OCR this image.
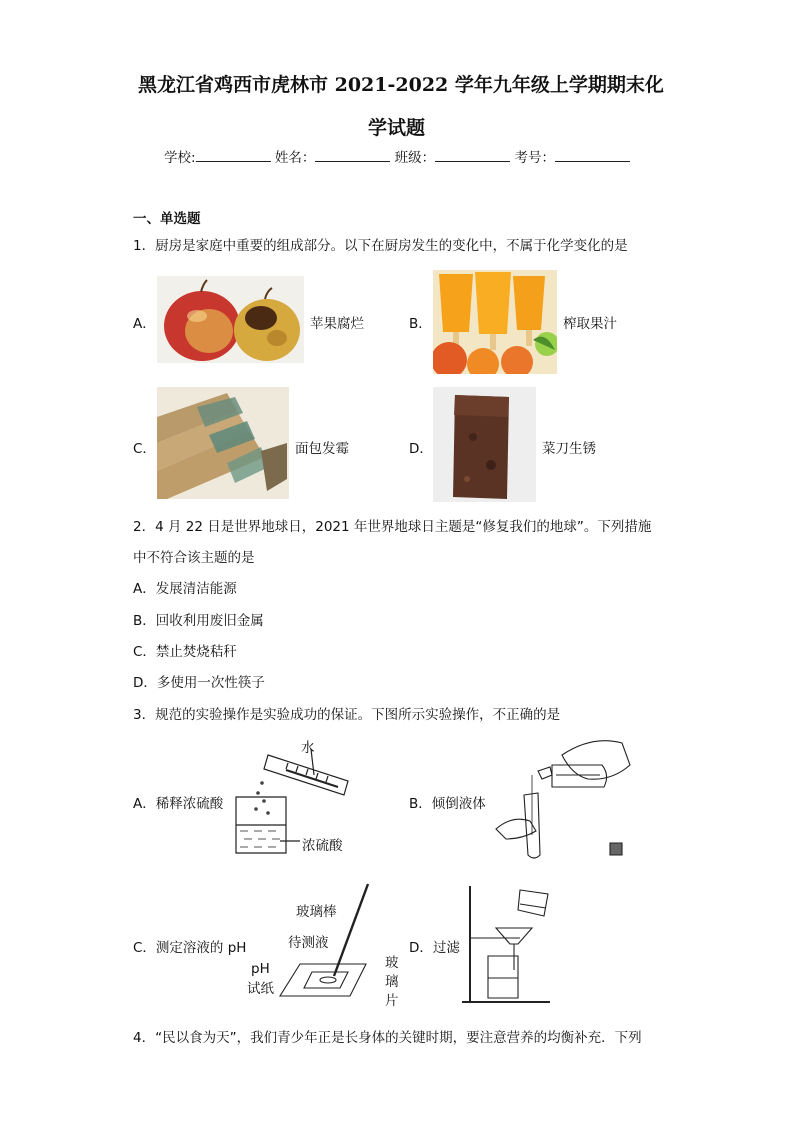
黑龙江省鸡西市虎林市 2021-2022 学年九年级上学期期末化
学试题
学校:	姓名：	班级：	考号：
一、单选题
1．厨房是家庭中重要的组成部分。以下在厨房发生的变化中，不属于化学变化的是
A．	苹果腐烂	B．	榨取果汁
C．	面包发霉	D．	菜刀生锈
2．4 月 22 日是世界地球日，2021 年世界地球日主题是“修复我们的地球”。下列措施
中不符合该主题的是
A．发展清洁能源
B．回收利用废旧金属
C．禁止焚烧秸秆
D．多使用一次性筷子
3．规范的实验操作是实验成功的保证。下图所示实验操作，不正确的是
A．稀释浓硫酸
水
浓硫酸
B．倾倒液体
C．测定溶液的 pH
玻璃棒
待测液
pH
试纸
玻
璃
片
D．过滤
4．“民以食为天”，我们青少年正是长身体的关键时期，要注意营养的均衡补充．下列
